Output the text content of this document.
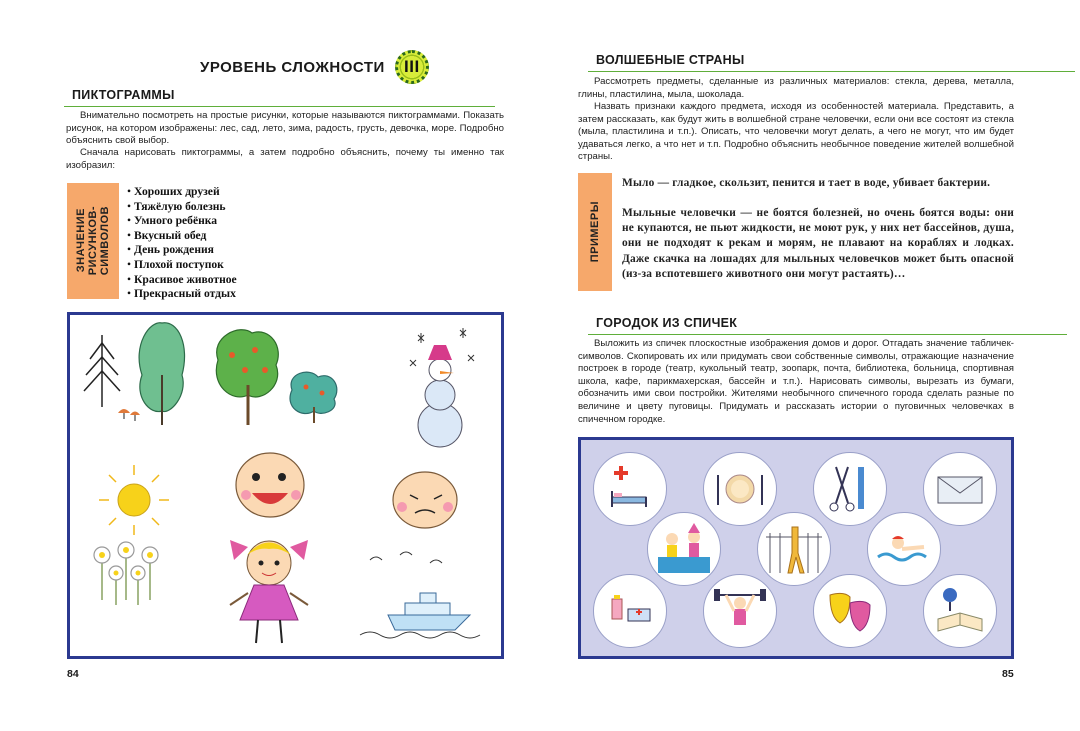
УРОВЕНЬ СЛОЖНОСТИ	III
ПИКТОГРАММЫ
Внимательно посмотреть на простые рисунки, которые называются пиктограммами. Показать рисунок, на котором изображены: лес, сад, лето, зима, радость, грусть, девочка, море. Подробно объяснить свой выбор.
Сначала нарисовать пиктограммы, а затем подробно объяснить, почему ты именно так изобразил:
ЗНАЧЕНИЕ
РИСУНКОВ-
СИМВОЛОВ
• Хороших друзей
• Тяжёлую болезнь
• Умного ребёнка
• Вкусный обед
• День рождения
• Плохой поступок
• Красивое животное
• Прекрасный отдых
84
ВОЛШЕБНЫЕ СТРАНЫ
Рассмотреть предметы, сделанные из различных материалов: стекла, дерева, металла, глины, пластилина, мыла, шоколада.
Назвать признаки каждого предмета, исходя из особенностей материала. Представить, а затем рассказать, как будут жить в волшебной стране человечки, если они все состоят из стекла (мыла, пластилина и т.п.). Описать, что человечки могут делать, а чего не могут, что им будет удаваться легко, а что нет и т.п. Подробно объяснить необычное поведение жителей волшебной страны.
ПРИМЕРЫ
Мыло — гладкое, скользит, пенится и тает в воде, убивает бактерии.
Мыльные человечки — не боятся болезней, но очень боятся воды: они не купаются, не пьют жидкости, не моют рук, у них нет бассейнов, душа, они не подходят к рекам и морям, не плавают на кораблях и лодках. Даже скачка на лошадях для мыльных человечков может быть опасной (из-за вспотевшего животного они могут растаять)…
ГОРОДОК ИЗ СПИЧЕК
Выложить из спичек плоскостные изображения домов и дорог. Отгадать значение табличек-символов. Скопировать их или придумать свои собственные символы, отражающие назначение построек в городе (театр, кукольный театр, зоопарк, почта, библиотека, больница, спортивная школа, кафе, парикмахерская, бассейн и т.п.). Нарисовать символы, вырезать из бумаги, обозначить ими свои постройки. Жителями необычного спичечного города сделать разные по величине и цвету пуговицы. Придумать и рассказать истории о пуговичных человечках в спичечном городке.
85
